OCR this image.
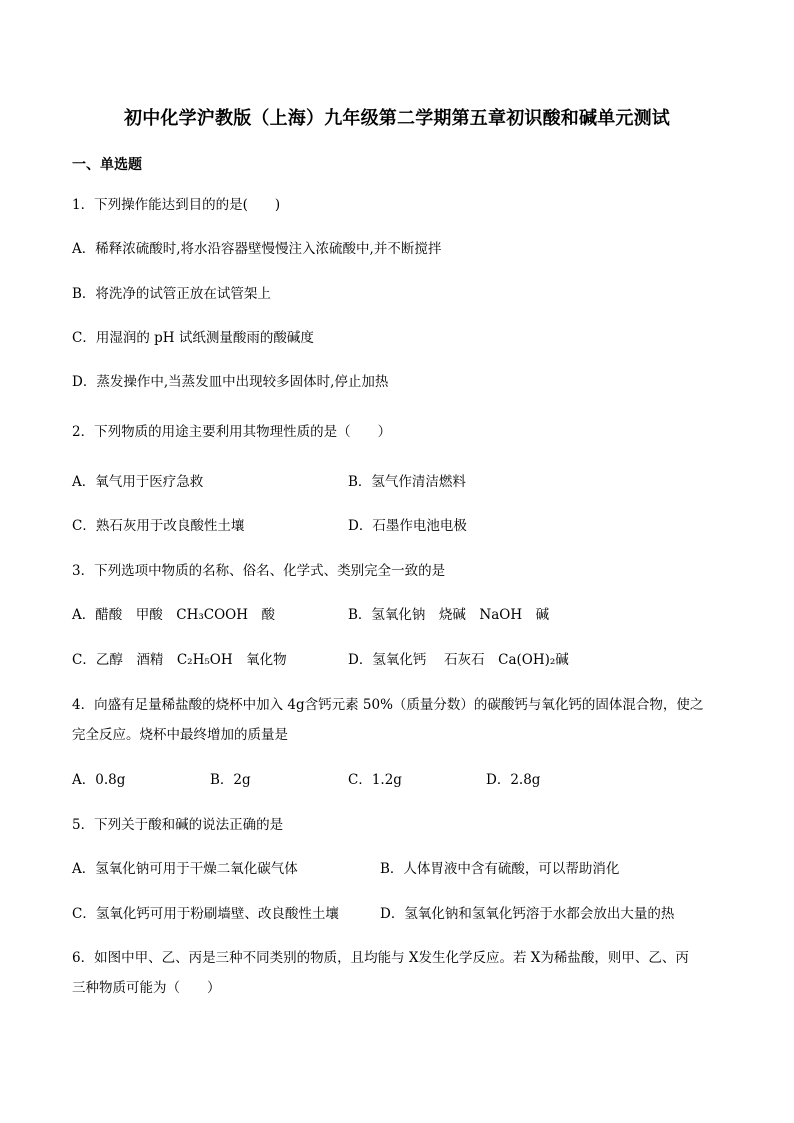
初中化学沪教版（上海）九年级第二学期第五章初识酸和碱单元测试
一、单选题
1．下列操作能达到目的的是(　　)
A．稀释浓硫酸时,将水沿容器壁慢慢注入浓硫酸中,并不断搅拌
B．将洗净的试管正放在试管架上
C．用湿润的 pH 试纸测量酸雨的酸碱度
D．蒸发操作中,当蒸发皿中出现较多固体时,停止加热
2．下列物质的用途主要利用其物理性质的是（　　）
A．氧气用于医疗急救	B．氢气作清洁燃料
C．熟石灰用于改良酸性土壤	D．石墨作电池电极
3．下列选项中物质的名称、俗名、化学式、类别完全一致的是
A．醋酸　甲酸　CH₃COOH　酸	B．氢氧化钠　烧碱　NaOH　碱
C．乙醇　酒精　C₂H₅OH　氧化物	D．氢氧化钙　 石灰石　Ca(OH)₂碱
4．向盛有足量稀盐酸的烧杯中加入 4g含钙元素 50%（质量分数）的碳酸钙与氧化钙的固体混合物，使之
完全反应。烧杯中最终增加的质量是
A．0.8g	B．2g	C．1.2g	D．2.8g
5．下列关于酸和碱的说法正确的是
A．氢氧化钠可用于干燥二氧化碳气体	B．人体胃液中含有硫酸，可以帮助消化
C．氢氧化钙可用于粉刷墙壁、改良酸性土壤	D．氢氧化钠和氢氧化钙溶于水都会放出大量的热
6．如图中甲、乙、丙是三种不同类别的物质，且均能与 X发生化学反应。若 X为稀盐酸，则甲、乙、丙
三种物质可能为（　　）
